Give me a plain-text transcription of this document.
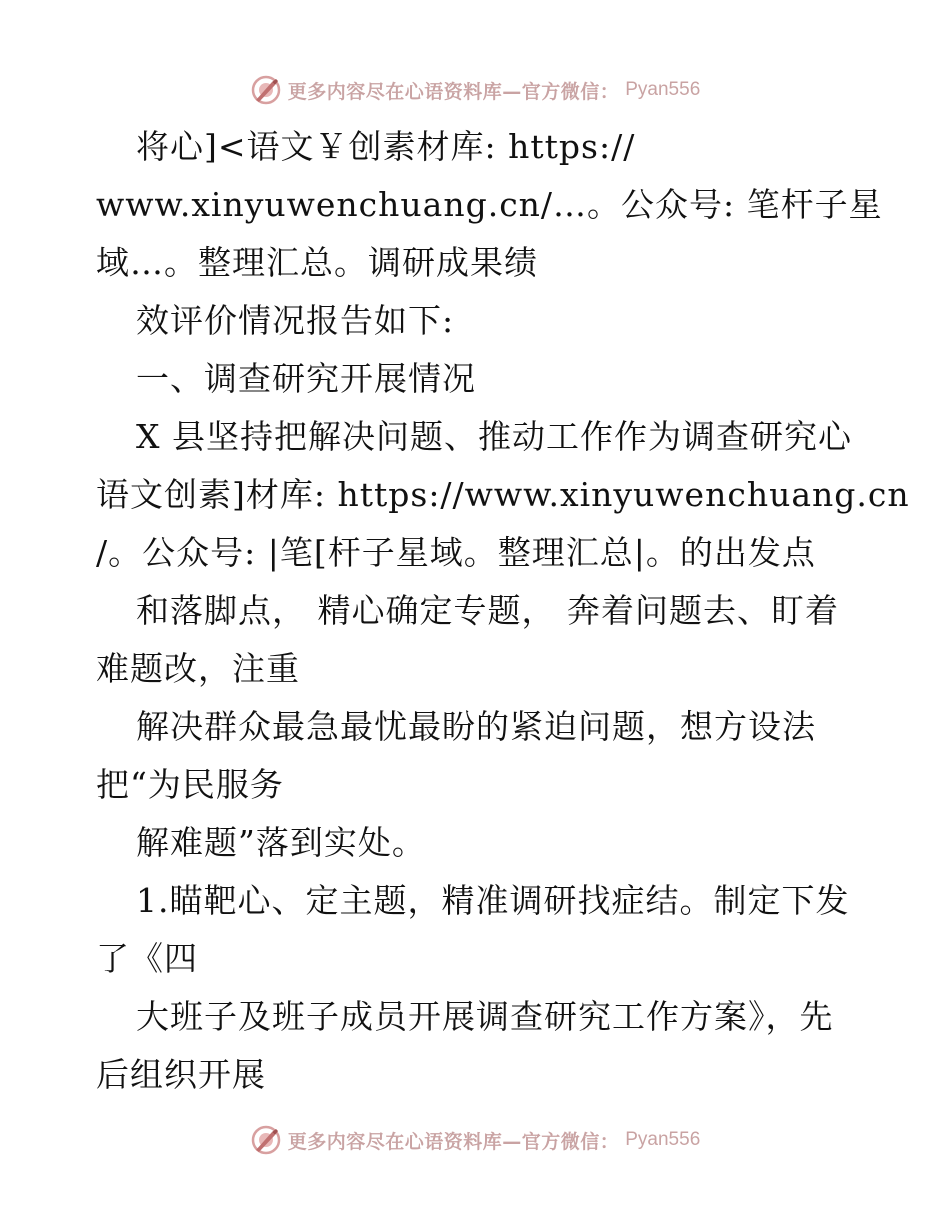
更多内容尽在心语资料库—官方微信： Pyan556
将心]<语文￥创素材库: https://
www.xinyuwenchuang.cn/…。公众号: 笔杆子星
域…。整理汇总。调研成果绩
效评价情况报告如下:
一、调查研究开展情况
X 县坚持把解决问题、推动工作作为调查研究心
语文创素]材库: https://www.xinyuwenchuang.cn
/。公众号: |笔[杆子星域。整理汇总|。的出发点
和落脚点， 精心确定专题， 奔着问题去、盯着
难题改，注重
解决群众最急最忧最盼的紧迫问题，想方设法
把“为民服务
解难题”落到实处。
1.瞄靶心、定主题，精准调研找症结。制定下发
了《四
大班子及班子成员开展调查研究工作方案》，先
后组织开展
更多内容尽在心语资料库—官方微信： Pyan556
